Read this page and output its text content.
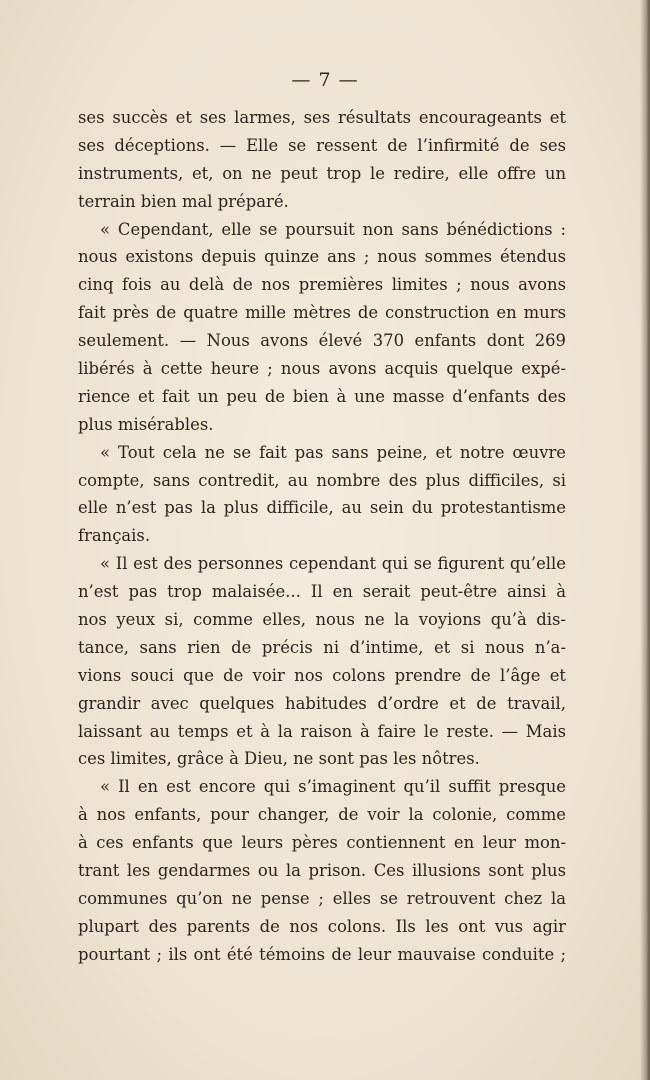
— 7 —
ses succès et ses larmes, ses résultats encourageants et
ses déceptions. — Elle se ressent de l’infirmité de ses
instruments, et, on ne peut trop le redire, elle offre un
terrain bien mal préparé.
« Cependant, elle se poursuit non sans bénédictions :
nous existons depuis quinze ans ; nous sommes étendus
cinq fois au delà de nos premières limites ; nous avons
fait près de quatre mille mètres de construction en murs
seulement. — Nous avons élevé 370 enfants dont 269
libérés à cette heure ; nous avons acquis quelque expé-
rience et fait un peu de bien à une masse d’enfants des
plus misérables.
« Tout cela ne se fait pas sans peine, et notre œuvre
compte, sans contredit, au nombre des plus difficiles, si
elle n’est pas la plus difficile, au sein du protestantisme
français.
« Il est des personnes cependant qui se figurent qu’elle
n’est pas trop malaisée... Il en serait peut-être ainsi à
nos yeux si, comme elles, nous ne la voyions qu’à dis-
tance, sans rien de précis ni d’intime, et si nous n’a-
vions souci que de voir nos colons prendre de l’âge et
grandir avec quelques habitudes d’ordre et de travail,
laissant au temps et à la raison à faire le reste. — Mais
ces limites, grâce à Dieu, ne sont pas les nôtres.
« Il en est encore qui s’imaginent qu’il suffit presque
à nos enfants, pour changer, de voir la colonie, comme
à ces enfants que leurs pères contiennent en leur mon-
trant les gendarmes ou la prison. Ces illusions sont plus
communes qu’on ne pense ; elles se retrouvent chez la
plupart des parents de nos colons. Ils les ont vus agir
pourtant ; ils ont été témoins de leur mauvaise conduite ;
